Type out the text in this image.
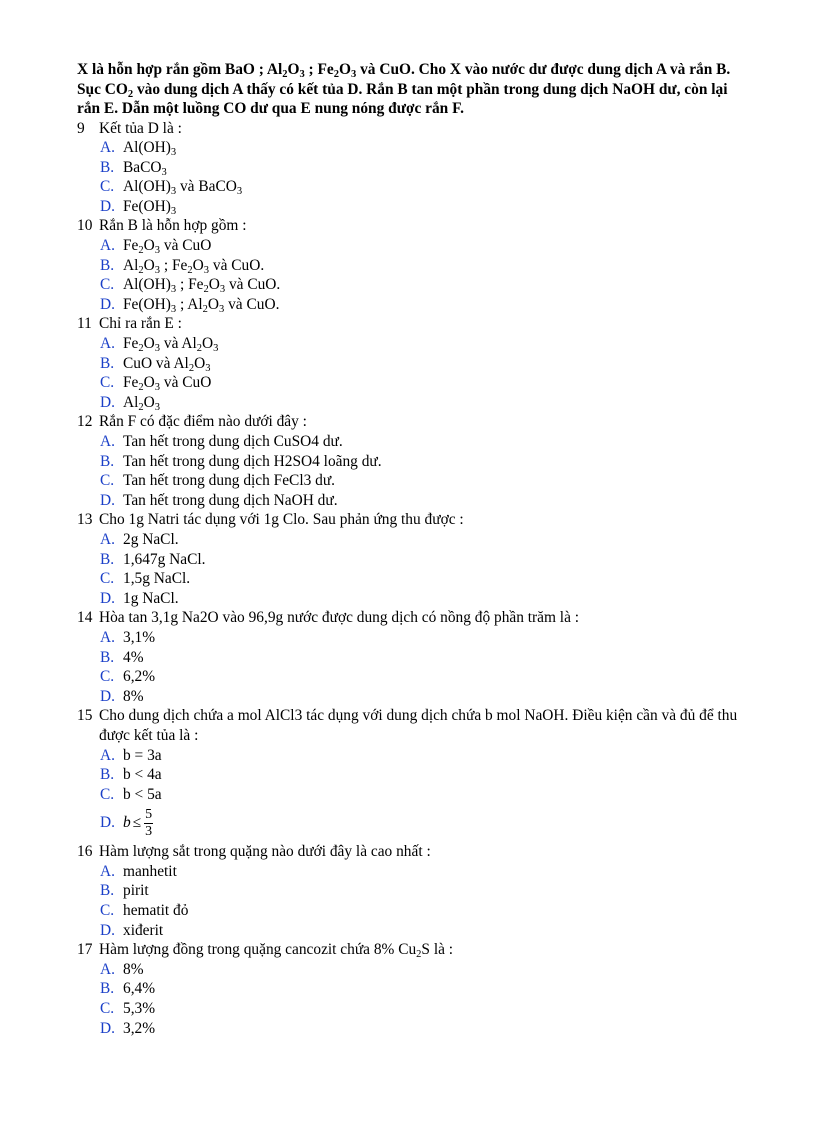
X là hỗn hợp rắn gồm BaO ; $Al_2O_3$ ; $Fe_2O_3$ và CuO. Cho X vào nước dư được dung dịch A và rắn B. Sục $CO_2$ vào dung dịch A thấy có kết tủa D. Rắn B tan một phần trong dung dịch NaOH dư, còn lại rắn E. Dẫn một luồng CO dư qua E nung nóng được rắn F.
9 Kết tủa D là :
A. $Al(OH)_3$
B. BaCO$_3$
C. $Al(OH)_3$ và BaCO$_3$
D. $Fe(OH)_3$
10 Rắn B là hỗn hợp gồm :
A. $Fe_2O_3$ và CuO
B. $Al_2O_3$ ; $Fe_2O_3$ và CuO.
C. $Al(OH)_3$ ; $Fe_2O_3$ và CuO.
D. $Fe(OH)_3$ ; $Al_2O_3$ và CuO.
11 Chỉ ra rắn E :
A. $Fe_2O_3$ và $Al_2O_3$
B. CuO và $Al_2O_3$
C. $Fe_2O_3$ và CuO
D. $Al_2O_3$
12 Rắn F có đặc điểm nào dưới đây :
A. Tan hết trong dung dịch CuSO4 dư.
B. Tan hết trong dung dịch H2SO4 loãng dư.
C. Tan hết trong dung dịch FeCl3 dư.
D. Tan hết trong dung dịch NaOH dư.
13 Cho 1g Natri tác dụng với 1g Clo. Sau phản ứng thu được :
A. 2g NaCl.
B. 1,647g NaCl.
C. 1,5g NaCl.
D. 1g NaCl.
14 Hòa tan 3,1g Na2O vào 96,9g nước được dung dịch có nồng độ phần trăm là :
A. 3,1%
B. 4%
C. 6,2%
D. 8%
15 Cho dung dịch chứa a mol AlCl3 tác dụng với dung dịch chứa b mol NaOH. Điều kiện cần và đủ để thu được kết tủa là :
A. b = 3a
B. b < 4a
C. b < 5a
D. $b \le \frac{5}{3}$
16 Hàm lượng sắt trong quặng nào dưới đây là cao nhất :
A. manhetit
B. pirit
C. hematit đỏ
D. xiđerit
17 Hàm lượng đồng trong quặng cancozit chứa 8% $Cu_2S$ là :
A. 8%
B. 6,4%
C. 5,3%
D. 3,2%
